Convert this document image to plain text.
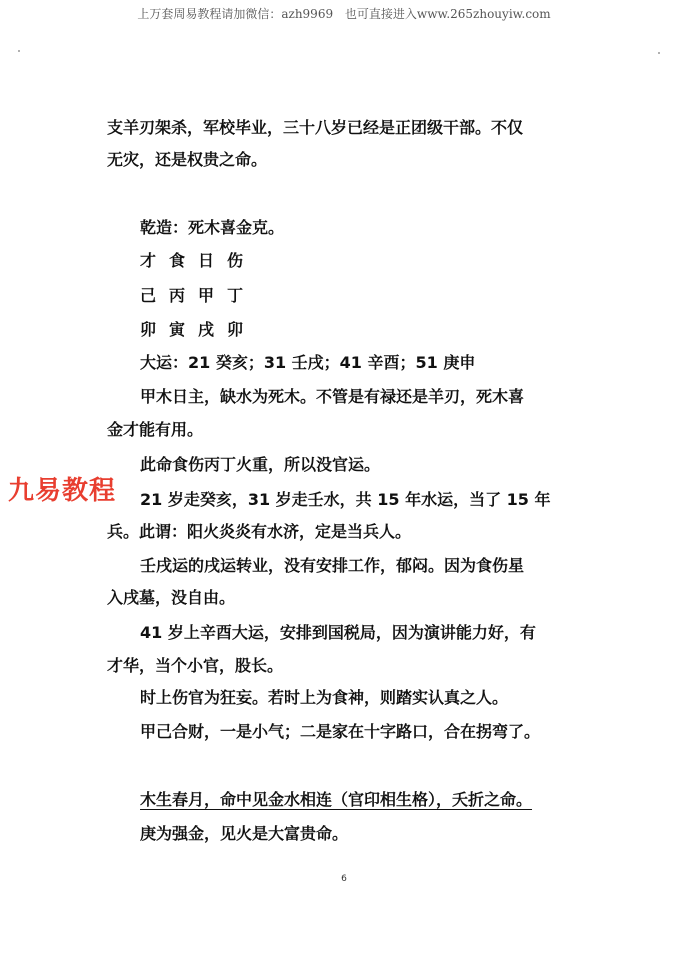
上万套周易教程请加微信：azh9969 也可直接进入www.265zhouyiw.com
支羊刃架杀，军校毕业，三十八岁已经是正团级干部。不仅
无灾，还是权贵之命。
乾造：死木喜金克。
才食日伤
己丙甲丁
卯寅戌卯
大运：21 癸亥；31 壬戌；41 辛酉；51 庚申
甲木日主，缺水为死木。不管是有禄还是羊刃，死木喜
金才能有用。
此命食伤丙丁火重，所以没官运。
21 岁走癸亥，31 岁走壬水，共 15 年水运，当了 15 年
兵。此谓：阳火炎炎有水济，定是当兵人。
壬戌运的戌运转业，没有安排工作，郁闷。因为食伤星
入戌墓，没自由。
41 岁上辛酉大运，安排到国税局，因为演讲能力好，有
才华，当个小官，股长。
时上伤官为狂妄。若时上为食神，则踏实认真之人。
甲己合财，一是小气；二是家在十字路口，合在拐弯了。
木生春月，命中见金水相连（官印相生格），夭折之命。
庚为强金，见火是大富贵命。
九易教程
6
